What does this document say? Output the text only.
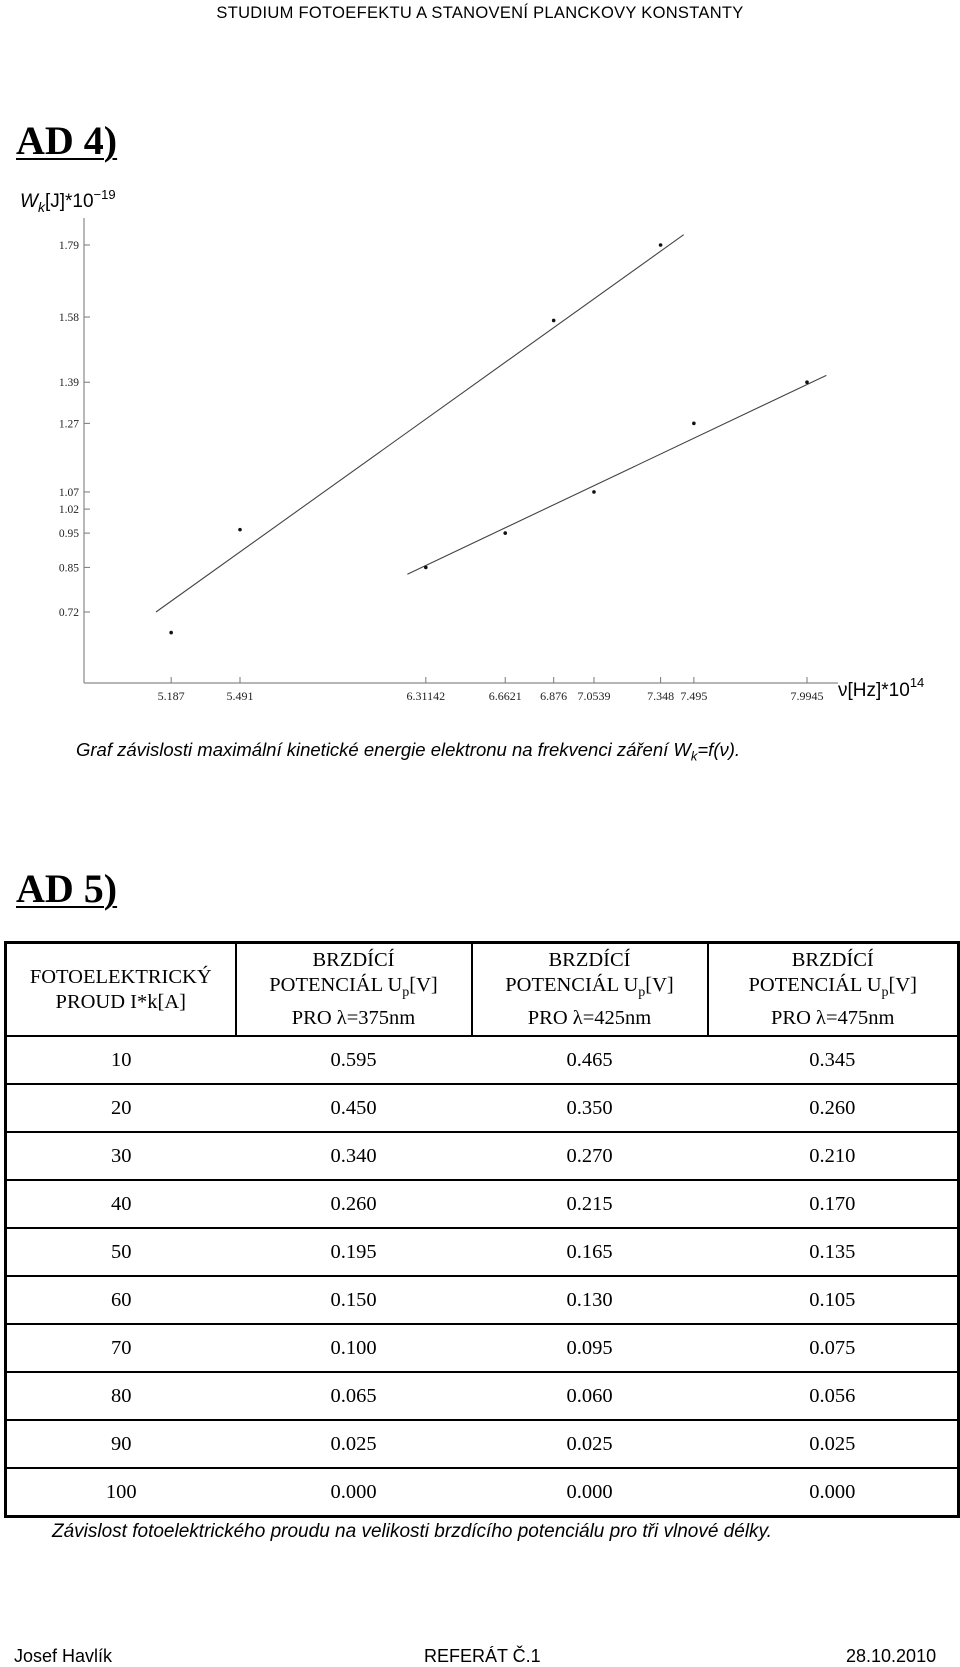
STUDIUM FOTOEFEKTU A STANOVENÍ PLANCKOVY KONSTANTY
AD 4)
0.72
0.85
0.95
1.02
1.07
1.27
1.39
1.58
1.79
5.187	5.491	6.31142	6.6621 6.876 7.0539	7.348 7.495	7.9945
$W_k[J]*10^{-19}$
$\nu[Hz]*10^{14}$
Graf závislosti maximální kinetické energie elektronu na frekvenci záření $W_k=f(\nu)$.
AD 5)
FOTOELEKTRICKÝ
PROUD I*k[A]	BRZDÍCÍ
POTENCIÁL $U_p[V]$
PRO λ=375nm	BRZDÍCÍ
POTENCIÁL $U_p[V]$
PRO λ=425nm	BRZDÍCÍ
POTENCIÁL $U_p[V]$
PRO λ=475nm

10	0.595	0.465	0.345
20	0.450	0.350	0.260
30	0.340	0.270	0.210
40	0.260	0.215	0.170
50	0.195	0.165	0.135
60	0.150	0.130	0.105
70	0.100	0.095	0.075
80	0.065	0.060	0.056
90	0.025	0.025	0.025
100	0.000	0.000	0.000
Závislost fotoelektrického proudu na velikosti brzdícího potenciálu pro tři vlnové délky.
Josef Havlík	REFERÁT Č.1	28.10.2010
